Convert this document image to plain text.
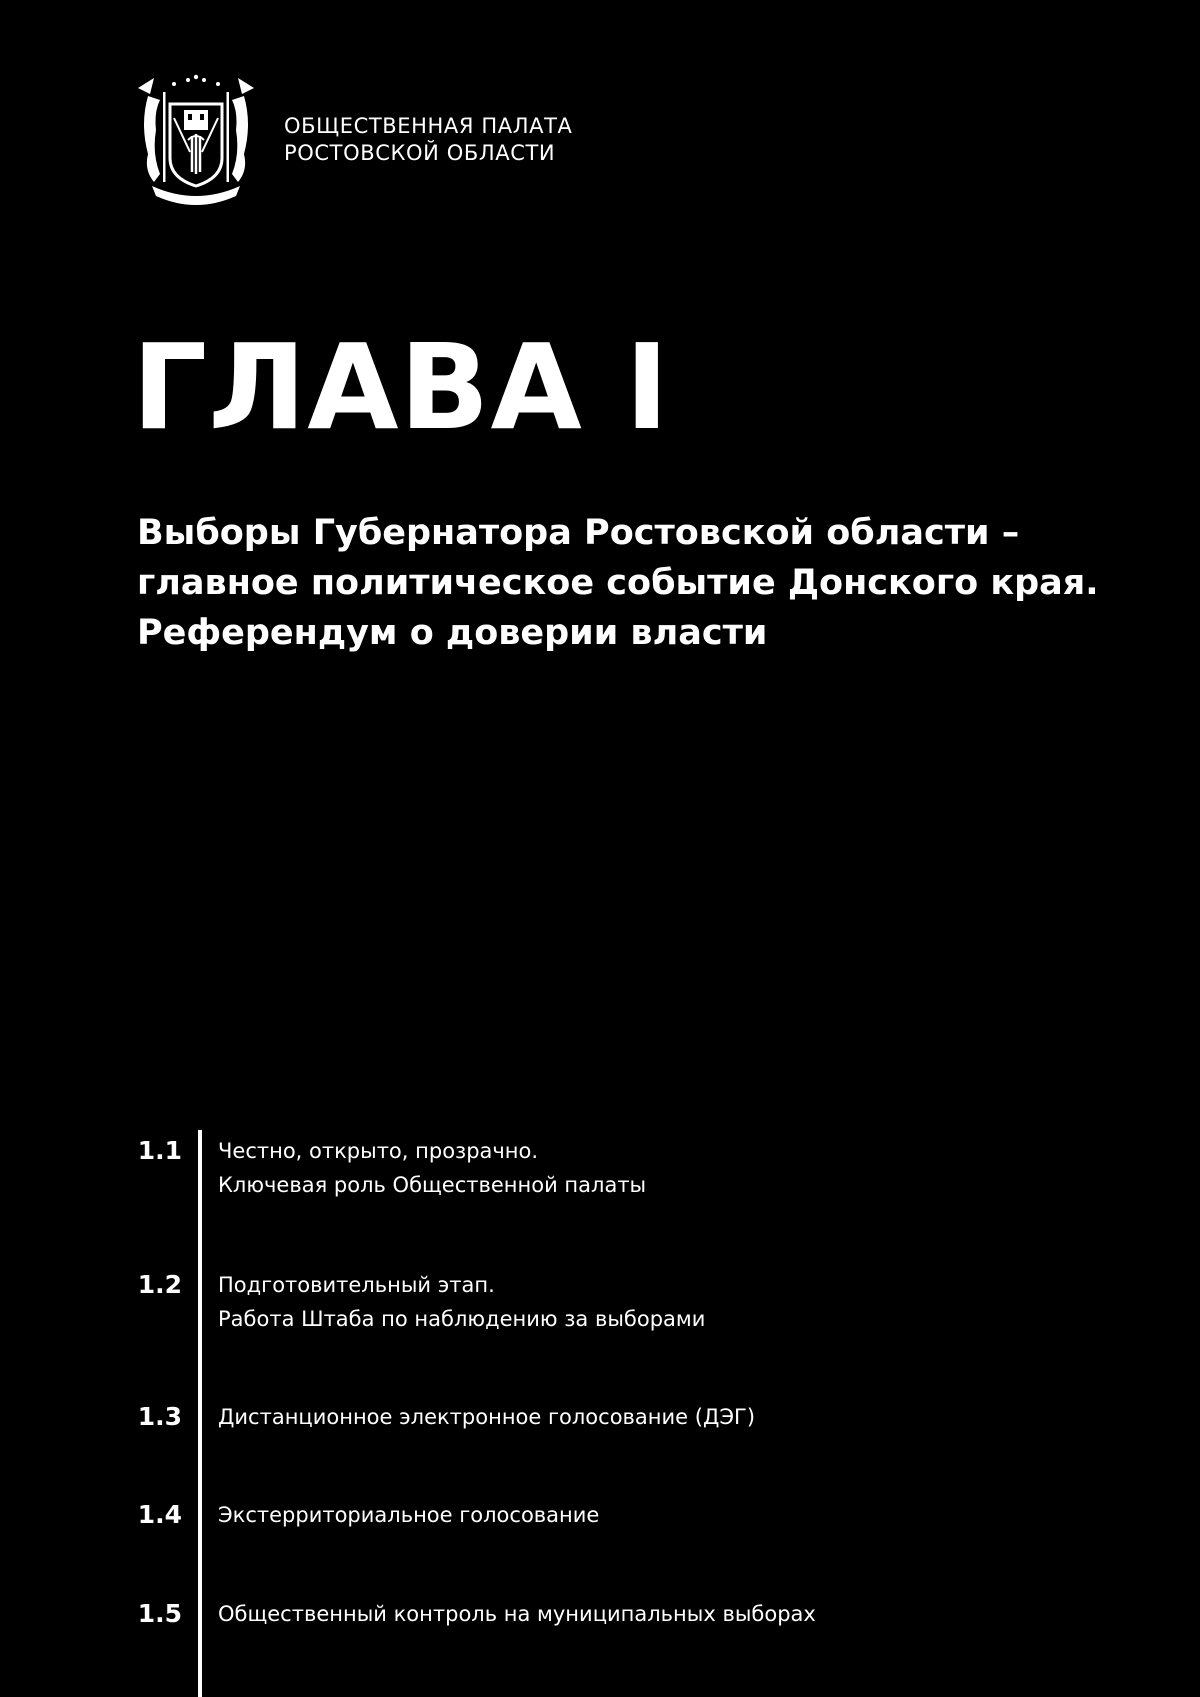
ОБЩЕСТВЕННАЯ ПАЛАТА
РОСТОВСКОЙ ОБЛАСТИ
ГЛАВА I
Выборы Губернатора Ростовской области –
главное политическое событие Донского края.
Референдум о доверии власти
1.1 Честно, открыто, прозрачно.
Ключевая роль Общественной палаты
1.2 Подготовительный этап.
Работа Штаба по наблюдению за выборами
1.3 Дистанционное электронное голосование (ДЭГ)
1.4 Экстерриториальное голосование
1.5 Общественный контроль на муниципальных выборах
